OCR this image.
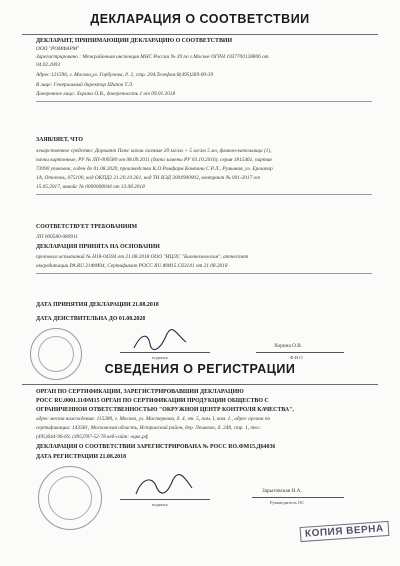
ДЕКЛАРАЦИЯ О СООТВЕТСТВИИ
ДЕКЛАРАНТ, ПРИНИМАЮЩИЙ ДЕКЛАРАЦИЮ О СООТВЕТСТВИИ
ООО "РОМФАРМ"
Зарегистрировано : Межрайонная инспекция МНС России № 39 по г.Москве ОГРН 1037700128806 от
04.02.2003
Адрес:121596, г. Москва,ул. Горбунова, д. 2, стр. 204.Телефон:8(495)269-00-39
В лице: Генеральный директор Шипов Т.Л.
Доверенное лицо: Хорина О.В., доверенность 1 от 09.01.2018
ЗАЯВЛЯЕТ, ЧТО
лекарственное средство: Дорвитт Плюс капли глазные 20 мг/мл + 5 мг/мл 5 мл, флакон-капельница (1),
пачки картонные, РУ № ЛП-000580 от 08.09.2011 (дата замены РУ 03.10.2016), серия 1815461, партия
73990 упаковок, годен до 01.08.2020, производства К.О.Ромфарм Компани С.Р.Л., Румыния, ул. Ерошпор
1А, Отопень, 075100, код ОКПД2 21.20.10.261, код ТН ВЭД 3004900002, контракт № 001-2017 от
15.05.2017, инвойс № 0000008044 от 13.08.2018
СООТВЕТСТВУЕТ ТРЕБОВАНИЯМ
ЛП 000580-080911
ДЕКЛАРАЦИЯ ПРИНЯТА НА ОСНОВАНИИ
протокол испытаний № Н18-04594 от 21.08.2018 ООО "ИЦЛС "Биотехнология", аттестат
аккредитации РА.RU.21ФМ94, Сертификат РОСС RU.ФМ15.С63141 от 21.08.2018
ДАТА ПРИНЯТИЯ ДЕКЛАРАЦИИ 21.08.2018
ДАТА ДЕЙСТВИТЕЛЬНА ДО 01.08.2020
подпись
Хорина О.В.
Ф.И.О
СВЕДЕНИЯ О РЕГИСТРАЦИИ
ОРГАН ПО СЕРТИФИКАЦИИ, ЗАРЕГИСТРИРОВАВШИЙ ДЕКЛАРАЦИЮ
РОСС RU.0001.11ФМ15 ОРГАН ПО СЕРТИФИКАЦИИ ПРОДУКЦИИ ОБЩЕСТВО С
ОГРАНИЧЕННОЙ ОТВЕТСТВЕННОСТЬЮ "ОКРУЖНОЙ ЦЕНТР КОНТРОЛЯ КАЧЕСТВА",
адрес места нахождения: 115280, г. Москва, ул. Мастеркова, д. 4, эт. 5, пом. I, ком. 1., адрес органа по
сертификации: 143581, Московская область, Истринский район, дер. Лешково, д. 248, стр. 1, тел.:
(495)644-96-69, (495)787-52-78 веб-сайт: oцкк.рф
ДЕКЛАРАЦИЯ О СООТВЕТСТВИИ ЗАРЕГИСТРИРОВАНА № РОСС RO.ФМ15.Д64036
ДАТА РЕГИСТРАЦИИ 21.08.2018
подпись
Зарытовская Н.А.
Руководитель ОС
КОПИЯ ВЕРНА
